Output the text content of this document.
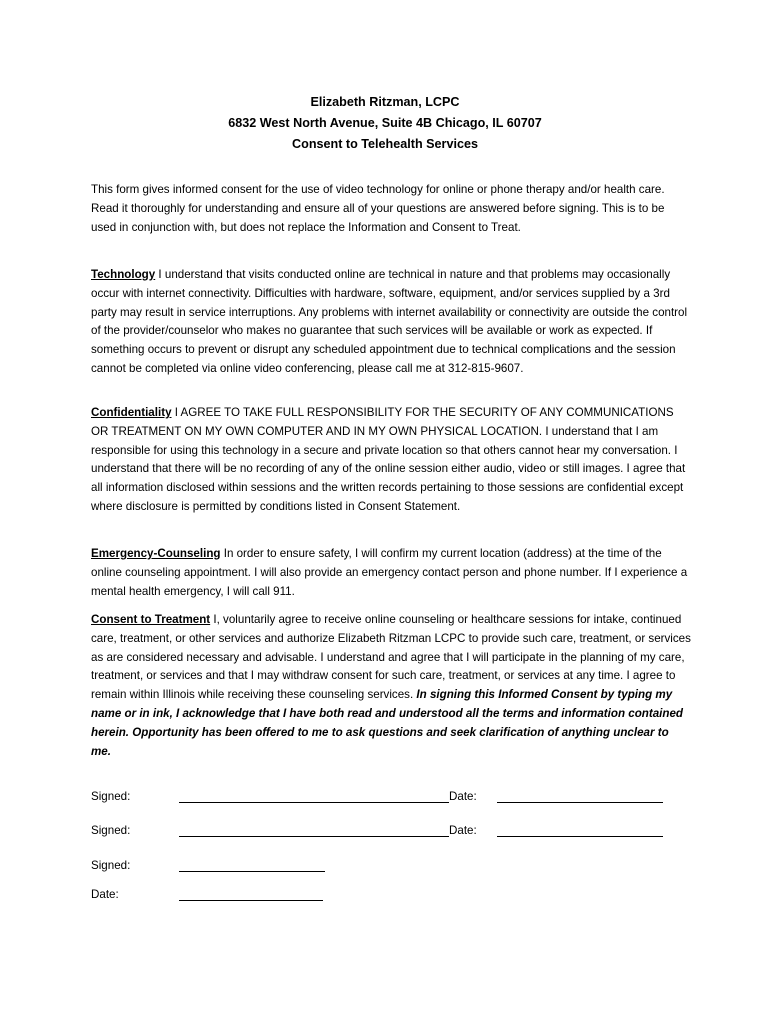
Elizabeth Ritzman, LCPC
6832 West North Avenue, Suite 4B Chicago, IL 60707
Consent to Telehealth Services
This form gives informed consent for the use of video technology for online or phone therapy and/or health care. Read it thoroughly for understanding and ensure all of your questions are answered before signing. This is to be used in conjunction with, but does not replace the Information and Consent to Treat.
Technology I understand that visits conducted online are technical in nature and that problems may occasionally occur with internet connectivity. Difficulties with hardware, software, equipment, and/or services supplied by a 3rd party may result in service interruptions. Any problems with internet availability or connectivity are outside the control of the provider/counselor who makes no guarantee that such services will be available or work as expected. If something occurs to prevent or disrupt any scheduled appointment due to technical complications and the session cannot be completed via online video conferencing, please call me at 312-815-9607.
Confidentiality I AGREE TO TAKE FULL RESPONSIBILITY FOR THE SECURITY OF ANY COMMUNICATIONS OR TREATMENT ON MY OWN COMPUTER AND IN MY OWN PHYSICAL LOCATION. I understand that I am responsible for using this technology in a secure and private location so that others cannot hear my conversation. I understand that there will be no recording of any of the online session either audio, video or still images. I agree that all information disclosed within sessions and the written records pertaining to those sessions are confidential except where disclosure is permitted by conditions listed in Consent Statement.
Emergency-Counseling In order to ensure safety, I will confirm my current location (address) at the time of the online counseling appointment. I will also provide an emergency contact person and phone number. If I experience a mental health emergency, I will call 911.
Consent to Treatment I, voluntarily agree to receive online counseling or healthcare sessions for intake, continued care, treatment, or other services and authorize Elizabeth Ritzman LCPC to provide such care, treatment, or services as are considered necessary and advisable. I understand and agree that I will participate in the planning of my care, treatment, or services and that I may withdraw consent for such care, treatment, or services at any time. I agree to remain within Illinois while receiving these counseling services. In signing this Informed Consent by typing my name or in ink, I acknowledge that I have both read and understood all the terms and information contained herein. Opportunity has been offered to me to ask questions and seek clarification of anything unclear to me.
Signed:	Date:
Signed:	Date:
Signed:
Date:
